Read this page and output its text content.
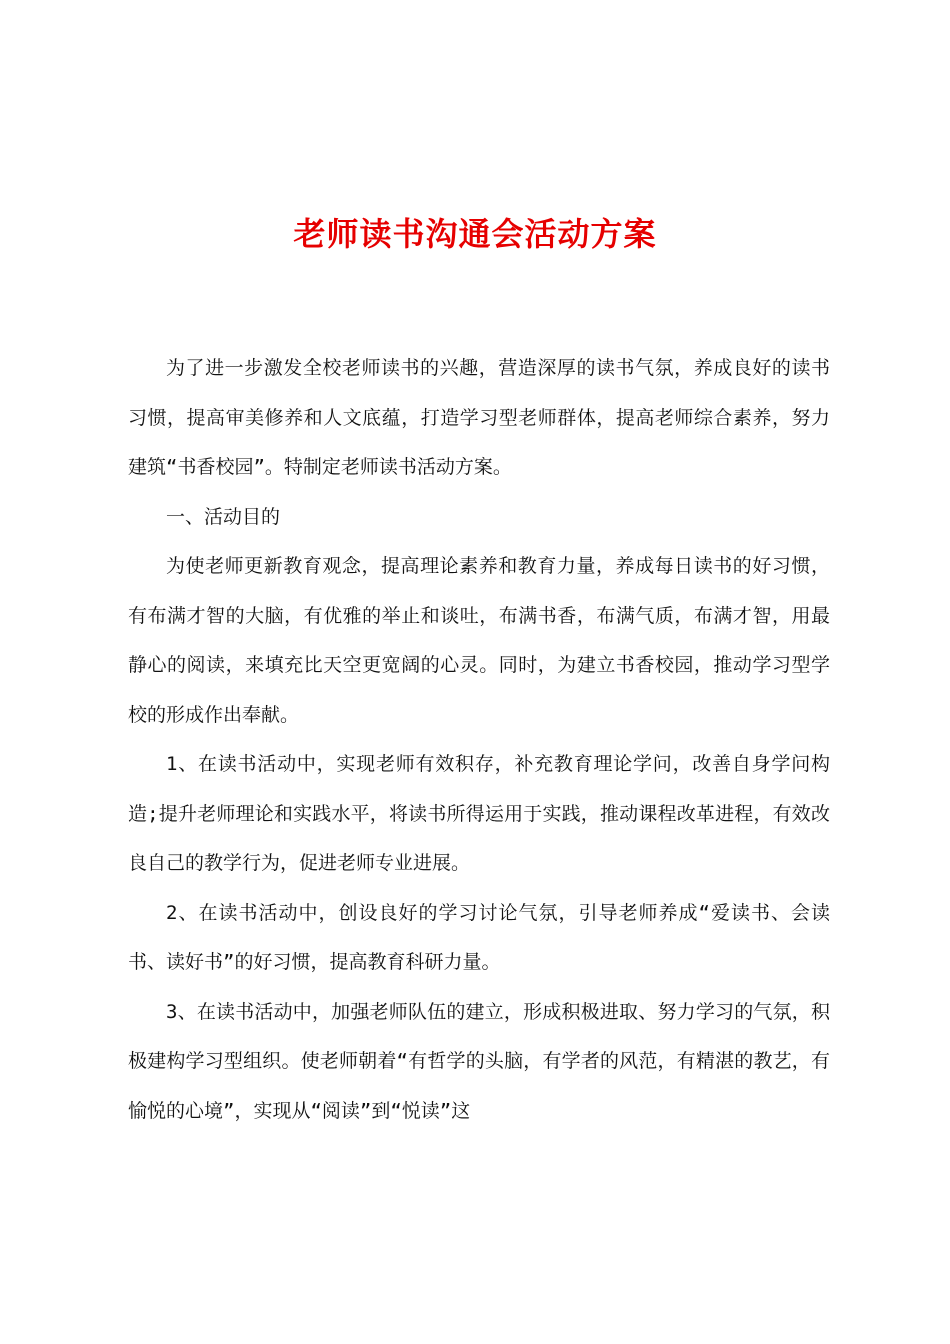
老师读书沟通会活动方案

为了进一步激发全校老师读书的兴趣，营造深厚的读书气氛，养成良好的读书习惯，提高审美修养和人文底蕴，打造学习型老师群体，提高老师综合素养，努力建筑“书香校园”。特制定老师读书活动方案。

一、活动目的

为使老师更新教育观念，提高理论素养和教育力量，养成每日读书的好习惯，有布满才智的大脑，有优雅的举止和谈吐，布满书香，布满气质，布满才智，用最静心的阅读，来填充比天空更宽阔的心灵。同时，为建立书香校园，推动学习型学校的形成作出奉献。

1、在读书活动中，实现老师有效积存，补充教育理论学问，改善自身学问构造;提升老师理论和实践水平，将读书所得运用于实践，推动课程改革进程，有效改良自己的教学行为，促进老师专业进展。

2、在读书活动中，创设良好的学习讨论气氛，引导老师养成“爱读书、会读书、读好书”的好习惯，提高教育科研力量。

3、在读书活动中，加强老师队伍的建立，形成积极进取、努力学习的气氛，积极建构学习型组织。使老师朝着“有哲学的头脑，有学者的风范，有精湛的教艺，有愉悦的心境”，实现从“阅读”到“悦读”这
